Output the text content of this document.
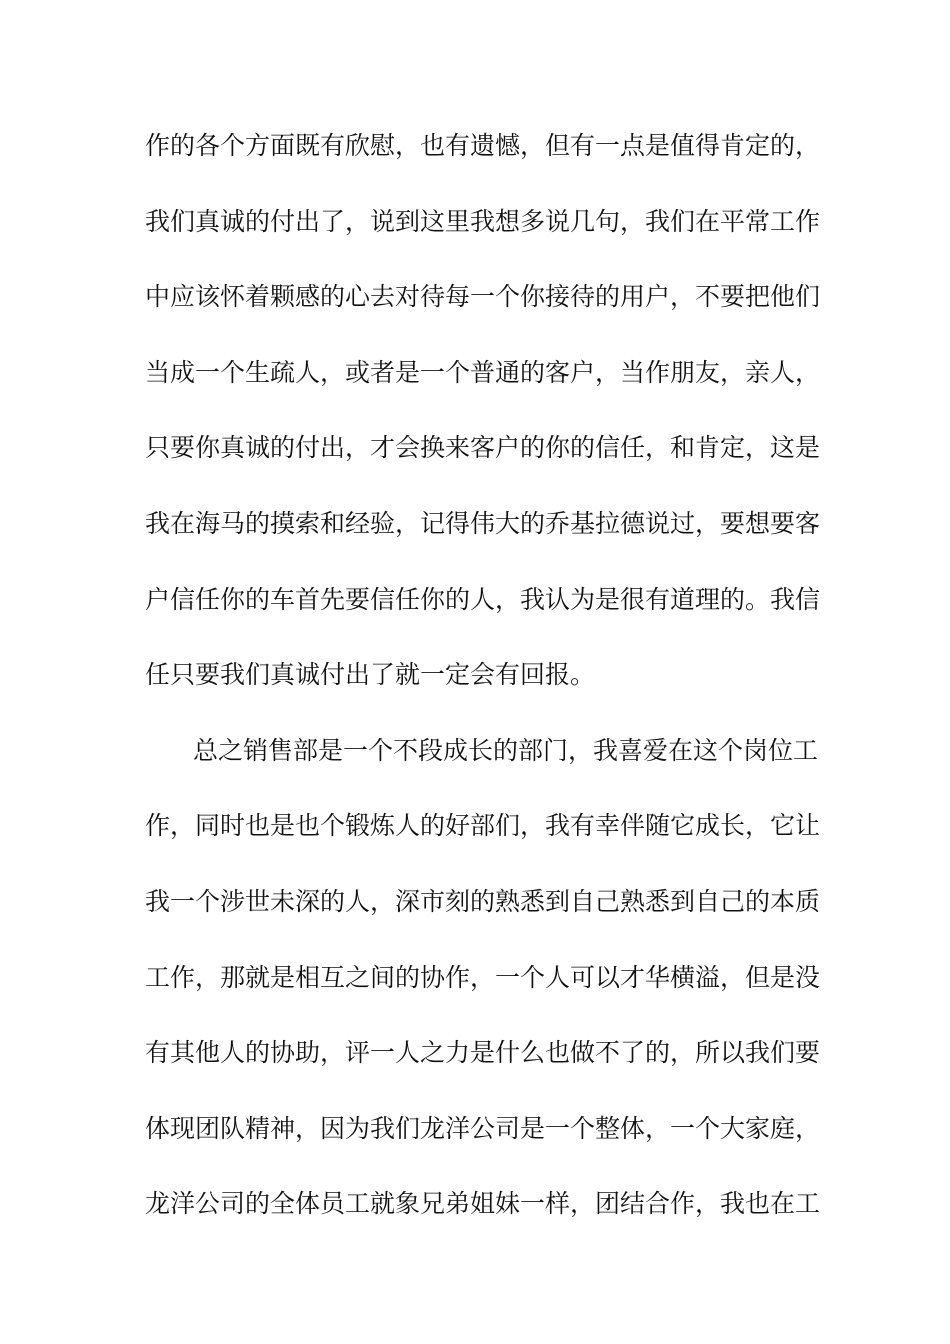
作的各个方面既有欣慰，也有遗憾，但有一点是值得肯定的，
我们真诚的付出了，说到这里我想多说几句，我们在平常工作
中应该怀着颗感的心去对待每一个你接待的用户，不要把他们
当成一个生疏人，或者是一个普通的客户，当作朋友，亲人，
只要你真诚的付出，才会换来客户的你的信任，和肯定，这是
我在海马的摸索和经验，记得伟大的乔基拉德说过，要想要客
户信任你的车首先要信任你的人，我认为是很有道理的。我信
任只要我们真诚付出了就一定会有回报。
总之销售部是一个不段成长的部门，我喜爱在这个岗位工
作，同时也是也个锻炼人的好部们，我有幸伴随它成长，它让
我一个涉世未深的人，深市刻的熟悉到自己熟悉到自己的本质
工作，那就是相互之间的协作，一个人可以才华横溢，但是没
有其他人的协助，评一人之力是什么也做不了的，所以我们要
体现团队精神，因为我们龙洋公司是一个整体，一个大家庭，
龙洋公司的全体员工就象兄弟姐妹一样，团结合作，我也在工
